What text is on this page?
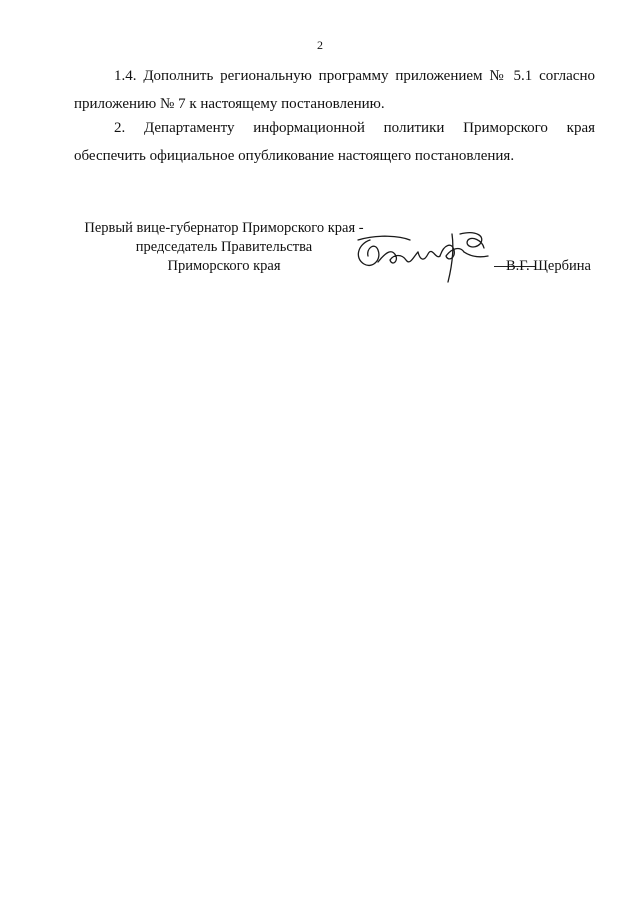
2

1.4. Дополнить региональную программу приложением № 5.1 согласно приложению № 7 к настоящему постановлению.

2. Департаменту информационной политики Приморского края обеспечить официальное опубликование настоящего постановления.

Первый вице-губернатор Приморского края -
председатель Правительства
Приморского края	В.Г. Щербина
